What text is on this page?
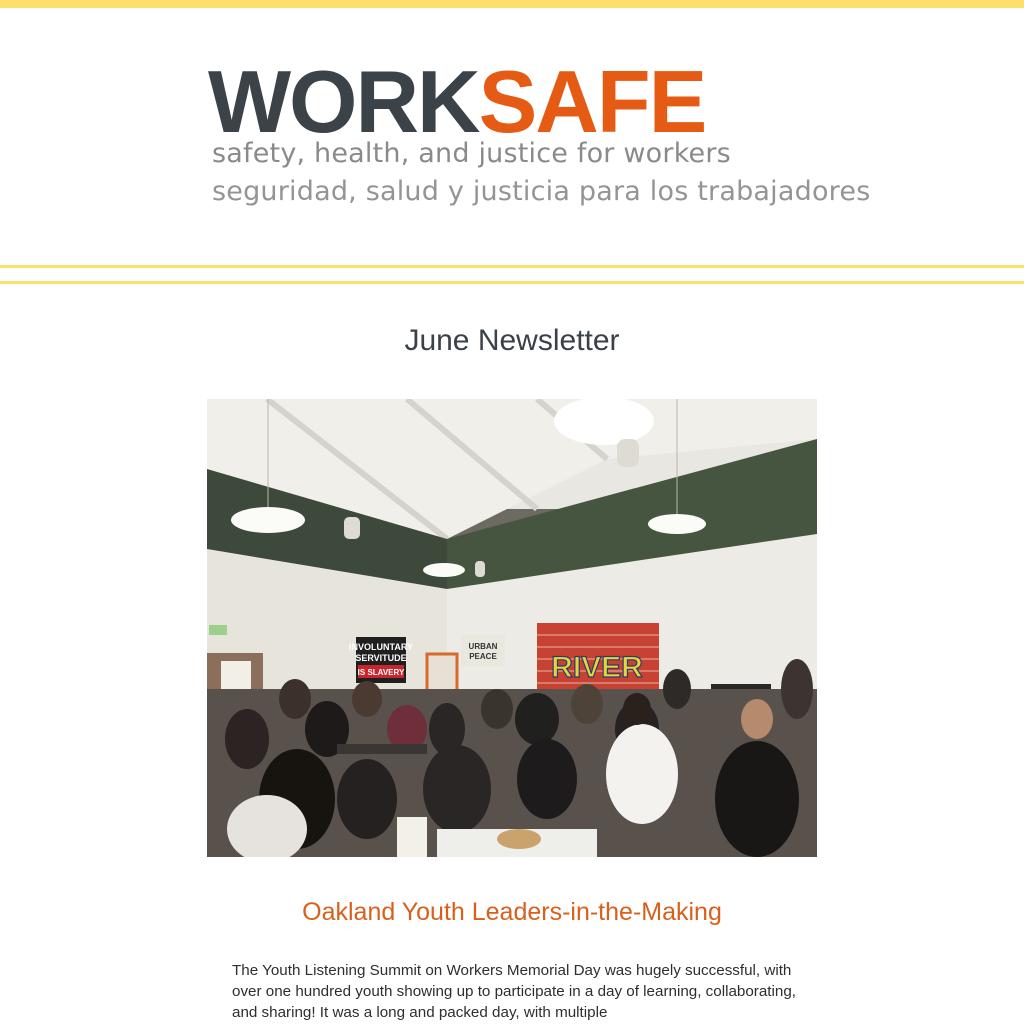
WORKSAFE
safety, health, and justice for workers
seguridad, salud y justicia para los trabajadores
June Newsletter
INVOLUNTARY
SERVITUDE
IS SLAVERY
URBAN
PEACE RIVER
Oakland Youth Leaders-in-the-Making

The Youth Listening Summit on Workers Memorial Day was hugely successful, with over one hundred youth showing up to participate in a day of learning, collaborating, and sharing! It was a long and packed day, with multiple
